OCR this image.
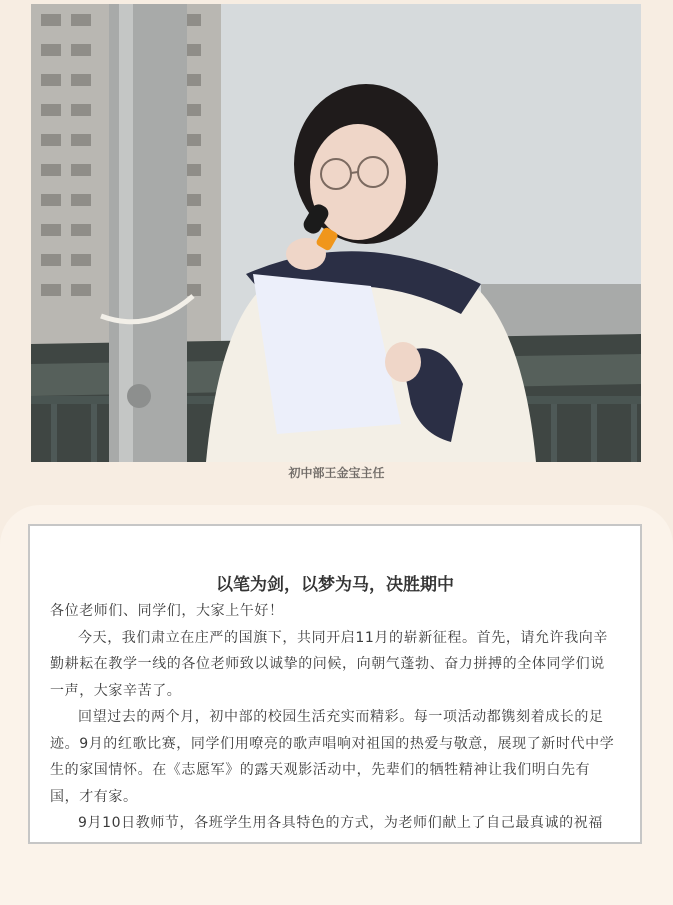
初中部王金宝主任
以笔为剑，以梦为马，决胜期中

各位老师们、同学们，大家上午好！

今天，我们肃立在庄严的国旗下，共同开启11月的崭新征程。首先，请允许我向辛勤耕耘在教学一线的各位老师致以诚挚的问候，向朝气蓬勃、奋力拼搏的全体同学们说一声，大家辛苦了。

回望过去的两个月，初中部的校园生活充实而精彩。每一项活动都镌刻着成长的足迹。9月的红歌比赛，同学们用嘹亮的歌声唱响对祖国的热爱与敬意，展现了新时代中学生的家国情怀。在《志愿军》的露天观影活动中，先辈们的牺牲精神让我们明白先有国，才有家。

9月10日教师节，各班学生用各具特色的方式，为老师们献上了自己最真诚的祝福
